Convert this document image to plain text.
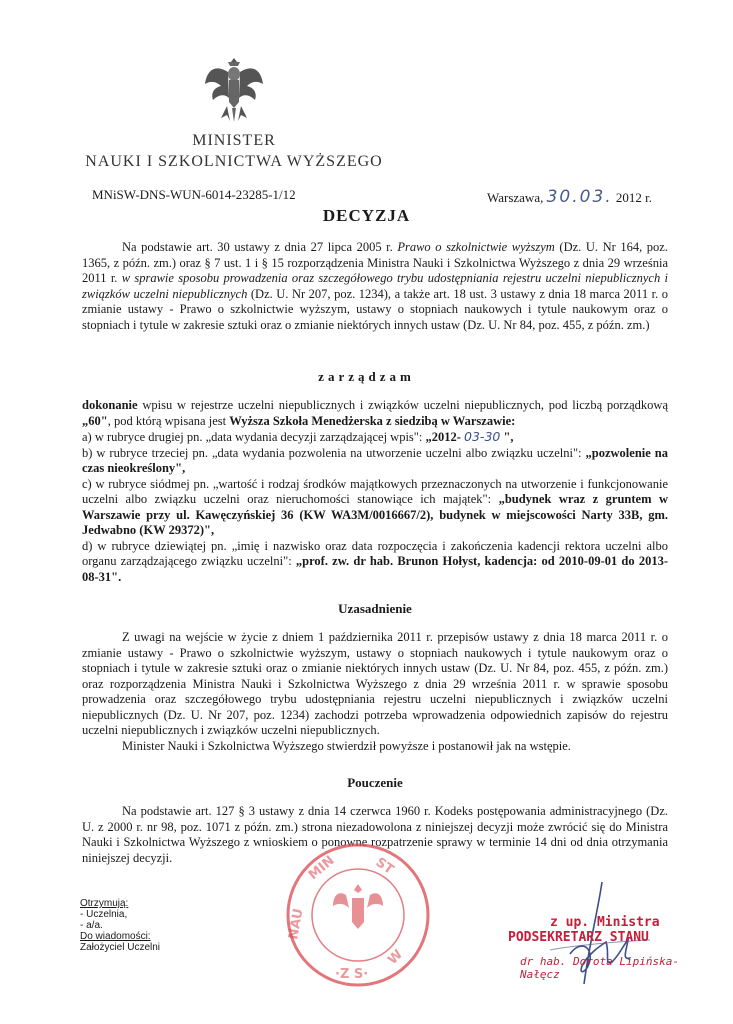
MINISTER
NAUKI I SZKOLNICTWA WYŻSZEGO
MNiSW-DNS-WUN-6014-23285-1/12	Warszawa, 30.03. 2012 r.
DECYZJA

Na podstawie art. 30 ustawy z dnia 27 lipca 2005 r. Prawo o szkolnictwie wyższym (Dz. U. Nr 164, poz. 1365, z późn. zm.) oraz § 7 ust. 1 i § 15 rozporządzenia Ministra Nauki i Szkolnictwa Wyższego z dnia 29 września 2011 r. w sprawie sposobu prowadzenia oraz szczegółowego trybu udostępniania rejestru uczelni niepublicznych i związków uczelni niepublicznych (Dz. U. Nr 207, poz. 1234), a także art. 18 ust. 3 ustawy z dnia 18 marca 2011 r. o zmianie ustawy - Prawo o szkolnictwie wyższym, ustawy o stopniach naukowych i tytule naukowym oraz o stopniach i tytule w zakresie sztuki oraz o zmianie niektórych innych ustaw (Dz. U. Nr 84, poz. 455, z późn. zm.)

zarządzam

dokonanie wpisu w rejestrze uczelni niepublicznych i związków uczelni niepublicznych, pod liczbą porządkową „60", pod którą wpisana jest Wyższa Szkoła Menedżerska z siedzibą w Warszawie:

a) w rubryce drugiej pn. „data wydania decyzji zarządzającej wpis": „2012- 03-30 ",

b) w rubryce trzeciej pn. „data wydania pozwolenia na utworzenie uczelni albo związku uczelni": „pozwolenie na czas nieokreślony",

c) w rubryce siódmej pn. „wartość i rodzaj środków majątkowych przeznaczonych na utworzenie i funkcjonowanie uczelni albo związku uczelni oraz nieruchomości stanowiące ich majątek": „budynek wraz z gruntem w Warszawie przy ul. Kawęczyńskiej 36 (KW WA3M/0016667/2), budynek w miejscowości Narty 33B, gm. Jedwabno (KW 29372)",

d) w rubryce dziewiątej pn. „imię i nazwisko oraz data rozpoczęcia i zakończenia kadencji rektora uczelni albo organu zarządzającego związku uczelni": „prof. zw. dr hab. Brunon Hołyst, kadencja: od 2010-09-01 do 2013-08-31".

Uzasadnienie

Z uwagi na wejście w życie z dniem 1 października 2011 r. przepisów ustawy z dnia 18 marca 2011 r. o zmianie ustawy - Prawo o szkolnictwie wyższym, ustawy o stopniach naukowych i tytule naukowym oraz o stopniach i tytule w zakresie sztuki oraz o zmianie niektórych innych ustaw (Dz. U. Nr 84, poz. 455, z późn. zm.) oraz rozporządzenia Ministra Nauki i Szkolnictwa Wyższego z dnia 29 września 2011 r. w sprawie sposobu prowadzenia oraz szczegółowego trybu udostępniania rejestru uczelni niepublicznych i związków uczelni niepublicznych (Dz. U. Nr 207, poz. 1234) zachodzi potrzeba wprowadzenia odpowiednich zapisów do rejestru uczelni niepublicznych i związków uczelni niepublicznych.

Minister Nauki i Szkolnictwa Wyższego stwierdził powyższe i postanowił jak na wstępie.

Pouczenie

Na podstawie art. 127 § 3 ustawy z dnia 14 czerwca 1960 r. Kodeks postępowania administracyjnego (Dz. U. z 2000 r. nr 98, poz. 1071 z późn. zm.) strona niezadowolona z niniejszej decyzji może zwrócić się do Ministra Nauki i Szkolnictwa Wyższego z wnioskiem o ponowne rozpatrzenie sprawy w terminie 14 dni od dnia otrzymania niniejszej decyzji.	MIN	ST
NAU
·Z S·
W
Otrzymują:
- Uczelnia,
- a/a.
Do wiadomości:
Założyciel Uczelni
z up. Ministra
PODSEKRETARZ STANU
dr hab. Dorota Lipińska-Nałęcz
